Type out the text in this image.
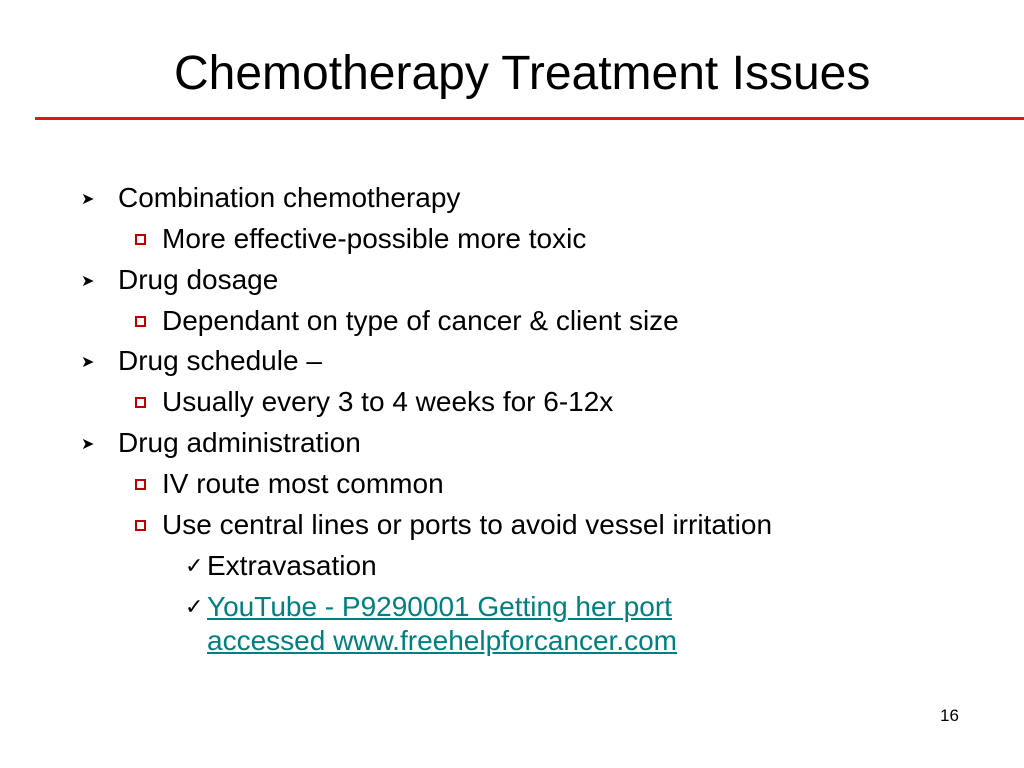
Chemotherapy Treatment Issues
➤ Combination chemotherapy
More effective-possible more toxic
➤ Drug dosage
Dependant on type of cancer & client size
➤ Drug schedule –
Usually every 3 to 4 weeks for 6-12x
➤ Drug administration
IV route most common
Use central lines or ports to avoid vessel irritation
✓ Extravasation
✓ YouTube - P9290001 Getting her port
accessed www.freehelpforcancer.com
16
